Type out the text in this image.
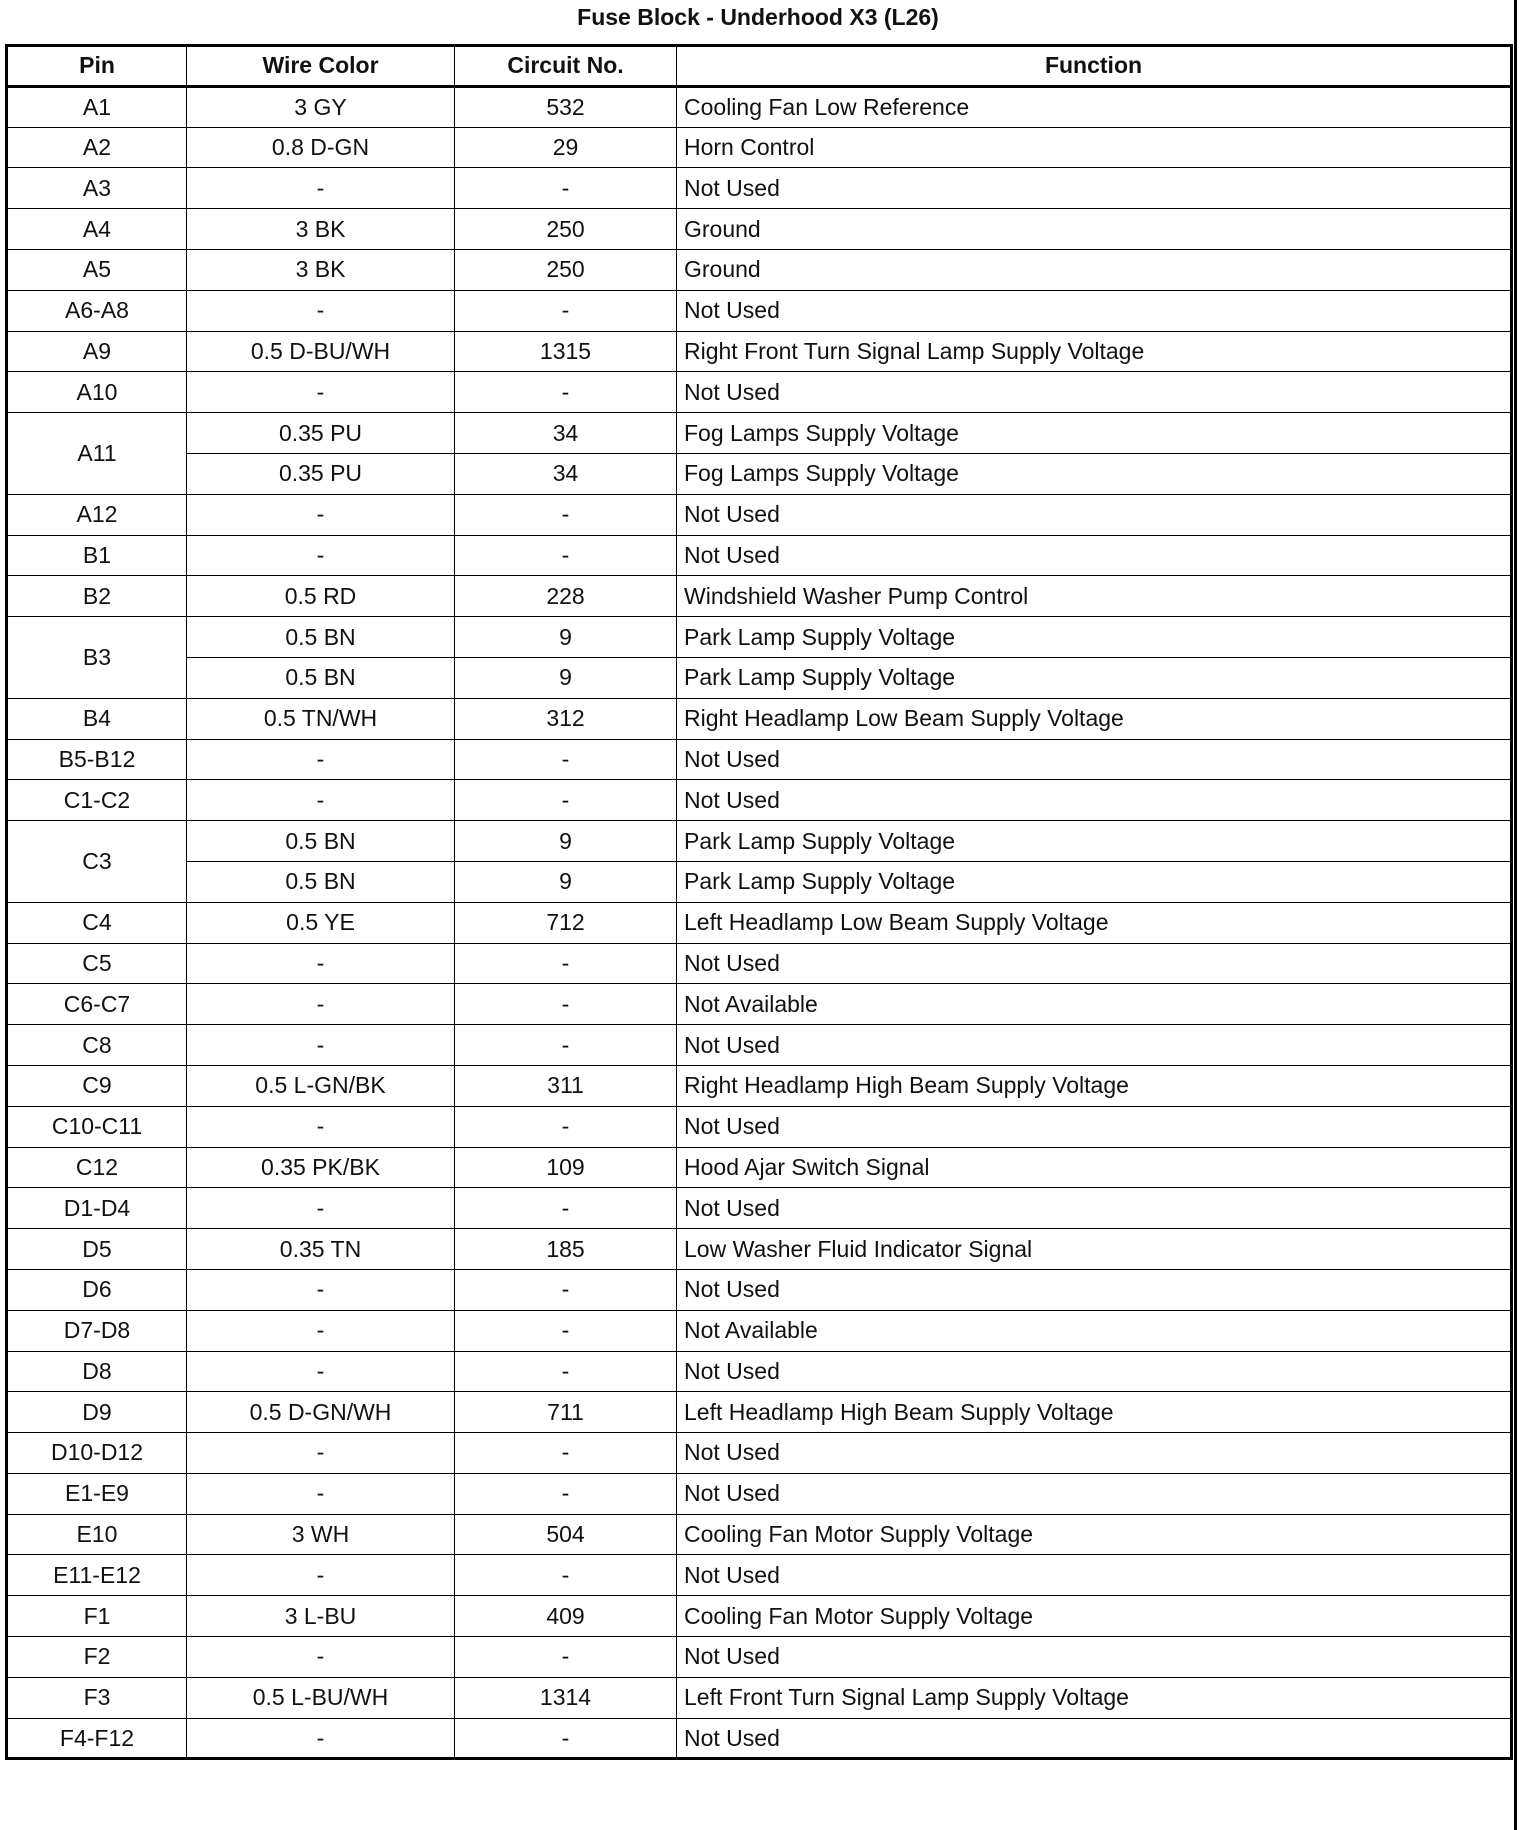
Fuse Block - Underhood X3 (L26)
Pin	Wire Color	Circuit No.	Function
A1	3 GY	532	Cooling Fan Low Reference
A2	0.8 D-GN	29	Horn Control
A3	-	-	Not Used
A4	3 BK	250	Ground
A5	3 BK	250	Ground
A6-A8	-	-	Not Used
A9	0.5 D-BU/WH	1315	Right Front Turn Signal Lamp Supply Voltage
A10	-	-	Not Used
A11	0.35 PU	34	Fog Lamps Supply Voltage
	0.35 PU	34	Fog Lamps Supply Voltage
A12	-	-	Not Used
B1	-	-	Not Used
B2	0.5 RD	228	Windshield Washer Pump Control
B3	0.5 BN	9	Park Lamp Supply Voltage
	0.5 BN	9	Park Lamp Supply Voltage
B4	0.5 TN/WH	312	Right Headlamp Low Beam Supply Voltage
B5-B12	-	-	Not Used
C1-C2	-	-	Not Used
C3	0.5 BN	9	Park Lamp Supply Voltage
	0.5 BN	9	Park Lamp Supply Voltage
C4	0.5 YE	712	Left Headlamp Low Beam Supply Voltage
C5	-	-	Not Used
C6-C7	-	-	Not Available
C8	-	-	Not Used
C9	0.5 L-GN/BK	311	Right Headlamp High Beam Supply Voltage
C10-C11	-	-	Not Used
C12	0.35 PK/BK	109	Hood Ajar Switch Signal
D1-D4	-	-	Not Used
D5	0.35 TN	185	Low Washer Fluid Indicator Signal
D6	-	-	Not Used
D7-D8	-	-	Not Available
D8	-	-	Not Used
D9	0.5 D-GN/WH	711	Left Headlamp High Beam Supply Voltage
D10-D12	-	-	Not Used
E1-E9	-	-	Not Used
E10	3 WH	504	Cooling Fan Motor Supply Voltage
E11-E12	-	-	Not Used
F1	3 L-BU	409	Cooling Fan Motor Supply Voltage
F2	-	-	Not Used
F3	0.5 L-BU/WH	1314	Left Front Turn Signal Lamp Supply Voltage
F4-F12	-	-	Not Used
